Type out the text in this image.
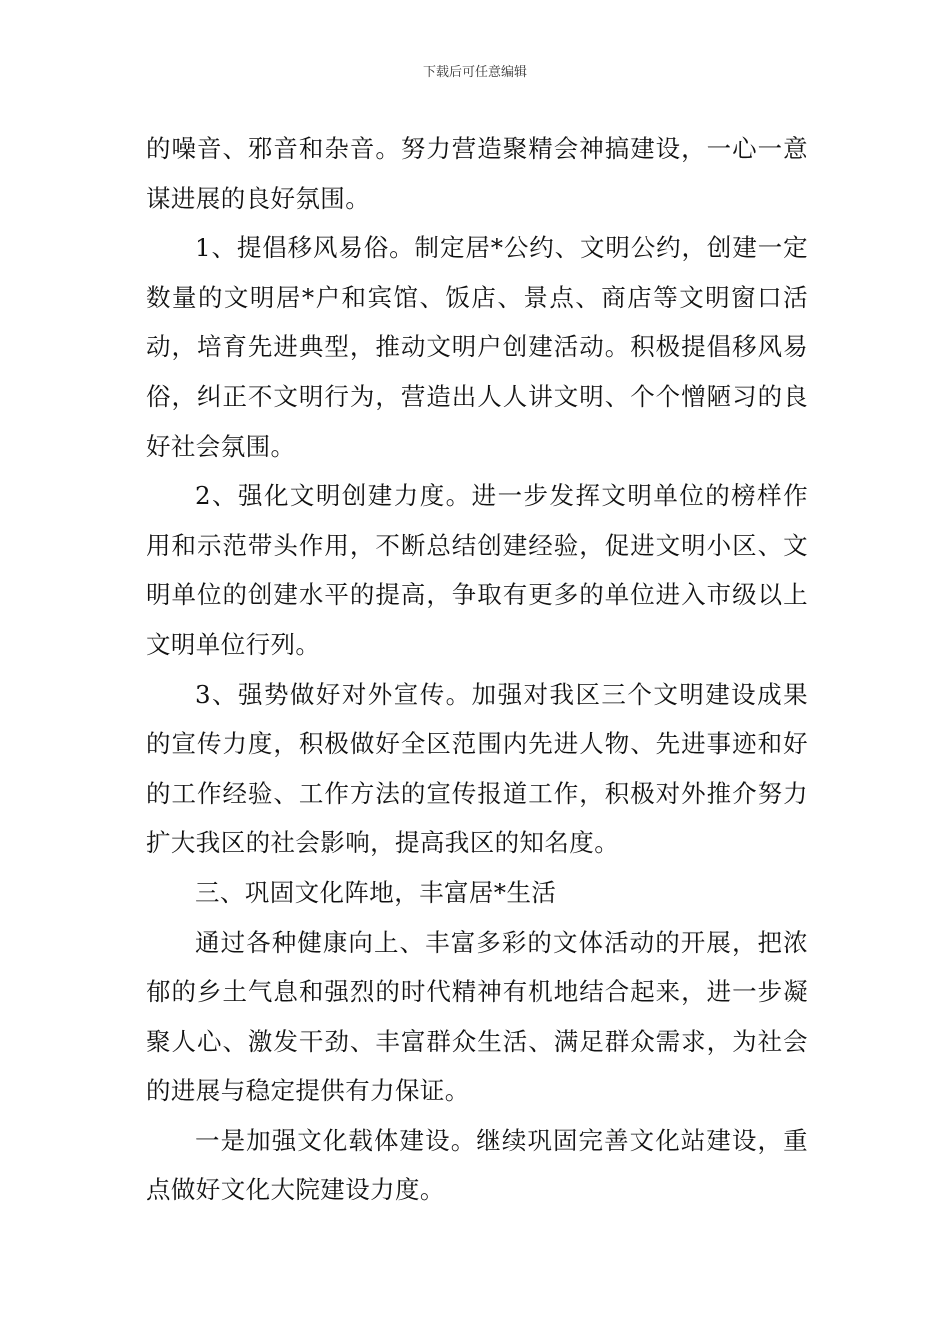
下载后可任意编辑

的噪音、邪音和杂音。努力营造聚精会神搞建设，一心一意谋进展的良好氛围。

1、提倡移风易俗。制定居*公约、文明公约，创建一定数量的文明居*户和宾馆、饭店、景点、商店等文明窗口活动，培育先进典型，推动文明户创建活动。积极提倡移风易俗，纠正不文明行为，营造出人人讲文明、个个憎陋习的良好社会氛围。

2、强化文明创建力度。进一步发挥文明单位的榜样作用和示范带头作用，不断总结创建经验，促进文明小区、文明单位的创建水平的提高，争取有更多的单位进入市级以上文明单位行列。

3、强势做好对外宣传。加强对我区三个文明建设成果的宣传力度，积极做好全区范围内先进人物、先进事迹和好的工作经验、工作方法的宣传报道工作，积极对外推介努力扩大我区的社会影响，提高我区的知名度。

三、巩固文化阵地，丰富居*生活

通过各种健康向上、丰富多彩的文体活动的开展，把浓郁的乡土气息和强烈的时代精神有机地结合起来，进一步凝聚人心、激发干劲、丰富群众生活、满足群众需求，为社会的进展与稳定提供有力保证。

一是加强文化载体建设。继续巩固完善文化站建设，重点做好文化大院建设力度。
